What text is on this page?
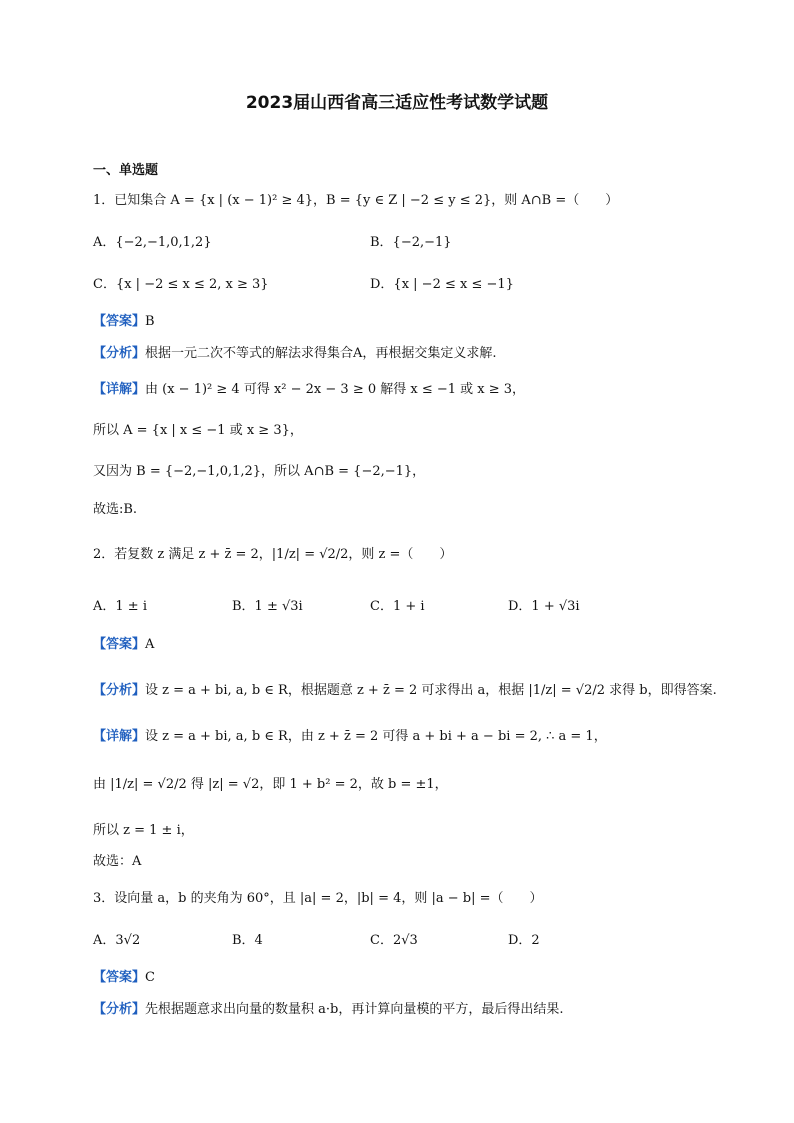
2023届山西省高三适应性考试数学试题
一、单选题
1．已知集合 A = {x | (x − 1)² ≥ 4}，B = {y ∈ Z | −2 ≤ y ≤ 2}，则 A∩B =（　　）
A．{−2,−1,0,1,2}	B．{−2,−1}
C．{x | −2 ≤ x ≤ 2, x ≥ 3}	D．{x | −2 ≤ x ≤ −1}
【答案】B
【分析】根据一元二次不等式的解法求得集合A，再根据交集定义求解.
【详解】由 (x − 1)² ≥ 4 可得 x² − 2x − 3 ≥ 0 解得 x ≤ −1 或 x ≥ 3，
所以 A = {x | x ≤ −1 或 x ≥ 3}，
又因为 B = {−2,−1,0,1,2}，所以 A∩B = {−2,−1}，
故选:B.
2．若复数 z 满足 z + z̄ = 2，|1/z| = √2/2，则 z =（　　）
A．1 ± i	B．1 ± √3i	C．1 + i	D．1 + √3i
【答案】A
【分析】设 z = a + bi, a, b ∈ R，根据题意 z + z̄ = 2 可求得出 a，根据 |1/z| = √2/2 求得 b，即得答案.
【详解】设 z = a + bi, a, b ∈ R，由 z + z̄ = 2 可得 a + bi + a − bi = 2, ∴ a = 1，
由 |1/z| = √2/2 得 |z| = √2，即 1 + b² = 2，故 b = ±1，
所以 z = 1 ± i，
故选：A
3．设向量 a，b 的夹角为 60°，且 |a| = 2，|b| = 4，则 |a − b| =（　　）
A．3√2	B．4	C．2√3	D．2
【答案】C
【分析】先根据题意求出向量的数量积 a·b，再计算向量模的平方，最后得出结果.
